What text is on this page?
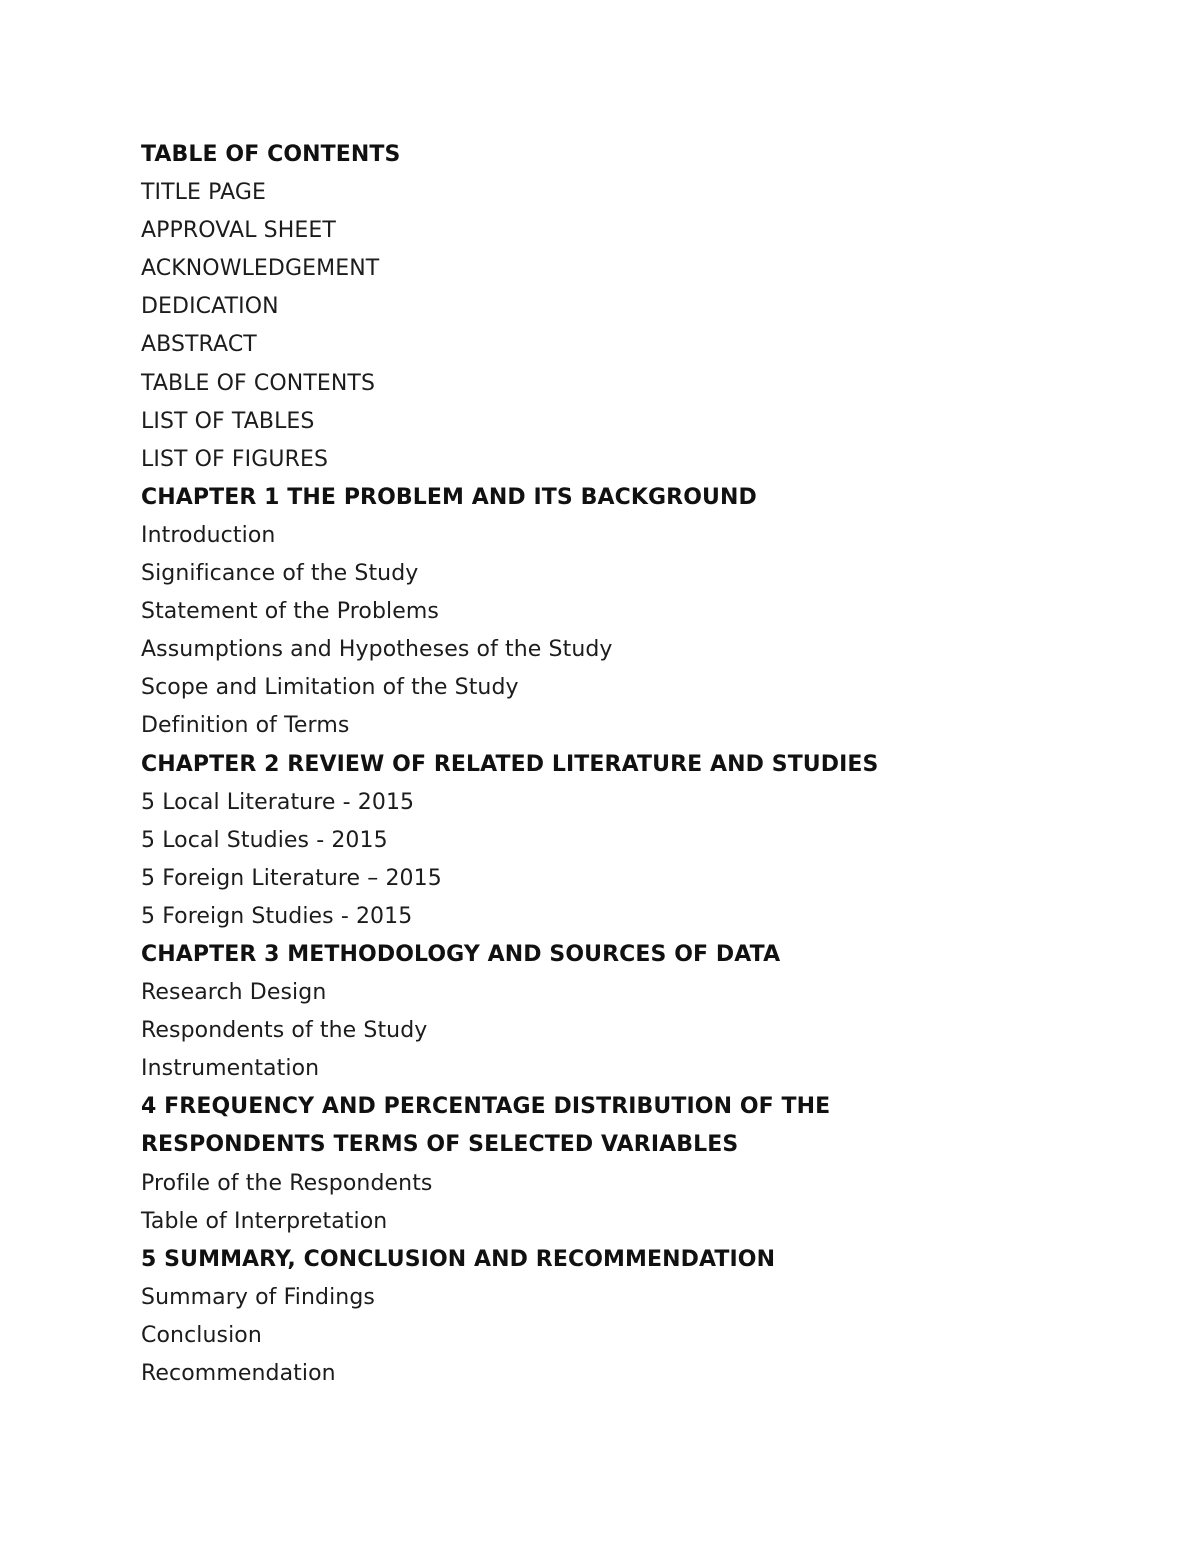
TABLE OF CONTENTS
TITLE PAGE
APPROVAL SHEET
ACKNOWLEDGEMENT
DEDICATION
ABSTRACT
TABLE OF CONTENTS
LIST OF TABLES
LIST OF FIGURES
CHAPTER 1 THE PROBLEM AND ITS BACKGROUND
Introduction
Significance of the Study
Statement of the Problems
Assumptions and Hypotheses of the Study
Scope and Limitation of the Study
Definition of Terms
CHAPTER 2 REVIEW OF RELATED LITERATURE AND STUDIES
5 Local Literature - 2015
5 Local Studies - 2015
5 Foreign Literature – 2015
5 Foreign Studies - 2015
CHAPTER 3 METHODOLOGY AND SOURCES OF DATA
Research Design
Respondents of the Study
Instrumentation
4 FREQUENCY AND PERCENTAGE DISTRIBUTION OF THE
RESPONDENTS TERMS OF SELECTED VARIABLES
Profile of the Respondents
Table of Interpretation
5 SUMMARY, CONCLUSION AND RECOMMENDATION
Summary of Findings
Conclusion
Recommendation
